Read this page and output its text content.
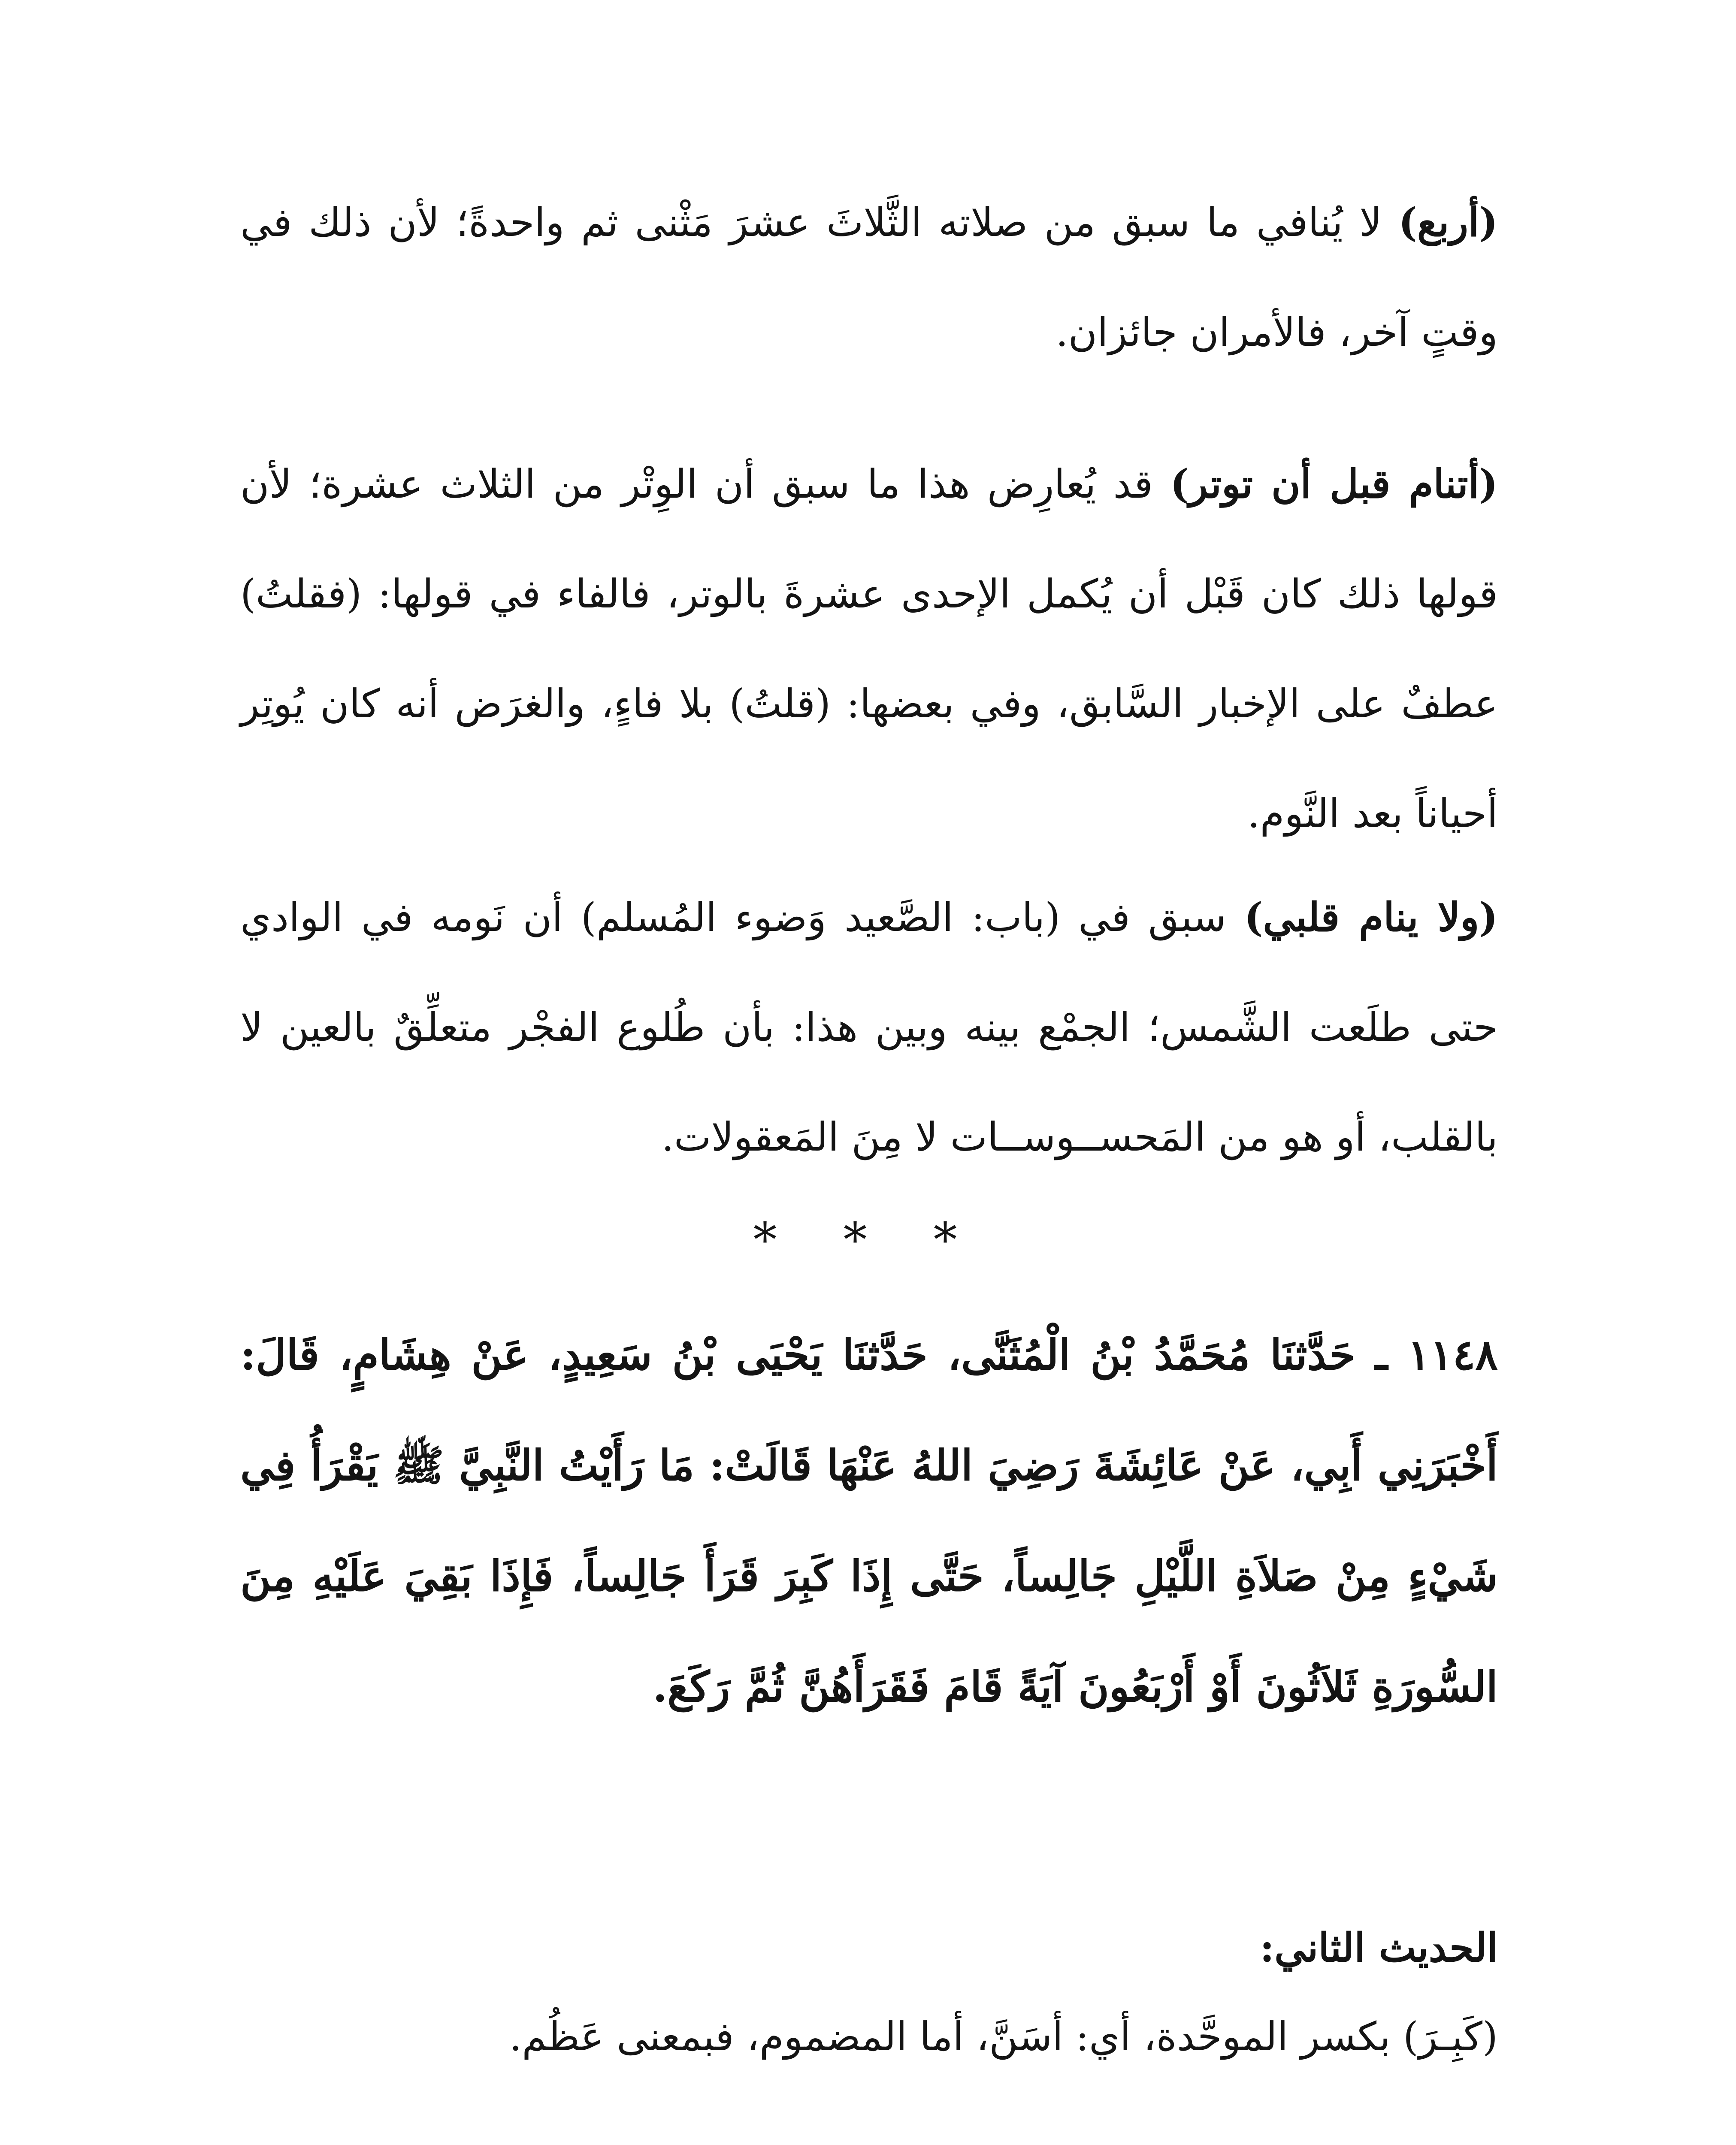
(أربع) لا يُنافي ما سبق من صلاته الثَّلاثَ عشرَ مَثْنى ثم واحدةً؛ لأن ذلك في وقتٍ آخر، فالأمران جائزان.

(أتنام قبل أن توتر) قد يُعارِض هذا ما سبق أن الوِتْر من الثلاث عشرة؛ لأن قولها ذلك كان قَبْل أن يُكمل الإحدى عشرةَ بالوتر، فالفاء في قولها: (فقلتُ) عطفٌ على الإخبار السَّابق، وفي بعضها: (قلتُ) بلا فاءٍ، والغرَض أنه كان يُوتِر أحياناً بعد النَّوم.

(ولا ينام قلبي) سبق في (باب: الصَّعيد وَضوء المُسلم) أن نَومه في الوادي حتى طلَعت الشَّمس؛ الجمْع بينه وبين هذا: بأن طُلوع الفجْر متعلِّقٌ بالعين لا بالقلب، أو هو من المَحســوســات لا مِنَ المَعقولات.

* * *

١١٤٨ ـ حَدَّثنَا مُحَمَّدُ بْنُ الْمُثَنَّى، حَدَّثنَا يَحْيَى بْنُ سَعِيدٍ، عَنْ هِشَامٍ، قَالَ: أَخْبَرَنِي أَبِي، عَنْ عَائِشَةَ رَضِيَ اللهُ عَنْهَا قَالَتْ: مَا رَأَيْتُ النَّبِيَّ ﷺ يَقْرَأُ فِي شَيْءٍ مِنْ صَلاَةِ اللَّيْلِ جَالِساً، حَتَّى إِذَا كَبِرَ قَرَأَ جَالِساً، فَإِذَا بَقِيَ عَلَيْهِ مِنَ السُّورَةِ ثَلاَثُونَ أَوْ أَرْبَعُونَ آيَةً قَامَ فَقَرَأَهُنَّ ثُمَّ رَكَعَ.

الحديث الثاني:

(كَبِـرَ) بكسر الموحَّدة، أي: أسَنَّ، أما المضموم، فبمعنى عَظُم.
